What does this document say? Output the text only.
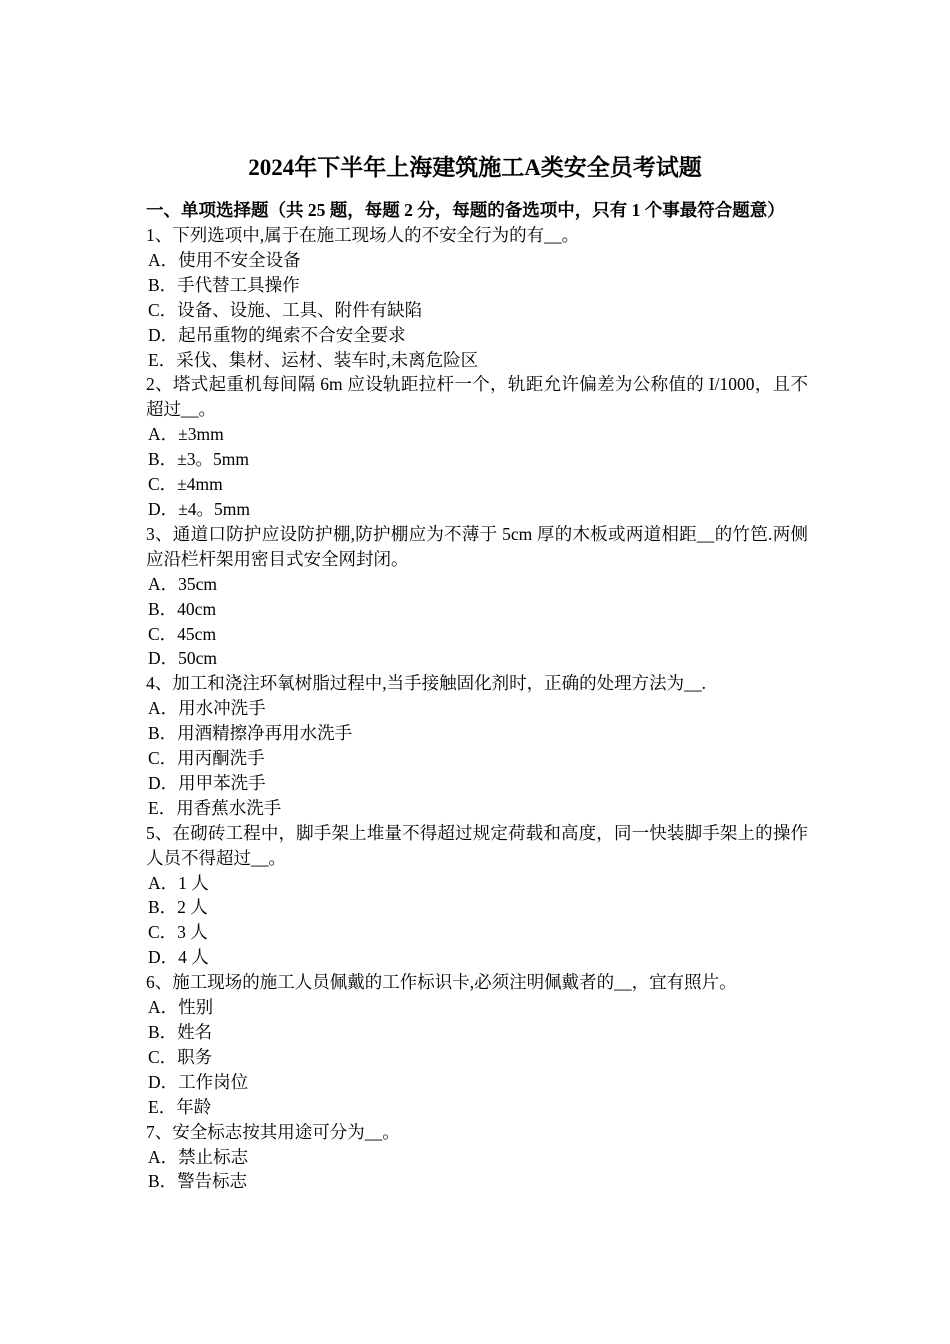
2024年下半年上海建筑施工A类安全员考试题

一、单项选择题（共 25 题，每题 2 分，每题的备选项中，只有 1 个事最符合题意）

1、下列选项中,属于在施工现场人的不安全行为的有__。

A．使用不安全设备

B．手代替工具操作

C．设备、设施、工具、附件有缺陷

D．起吊重物的绳索不合安全要求

E．采伐、集材、运材、装车时,未离危险区

2、塔式起重机每间隔 6m 应设轨距拉杆一个，轨距允许偏差为公称值的 I/1000，且不超过__。

A．±3mm

B．±3。5mm

C．±4mm

D．±4。5mm

3、通道口防护应设防护棚,防护棚应为不薄于 5cm 厚的木板或两道相距__的竹笆.两侧应沿栏杆架用密目式安全网封闭。

A．35cm

B．40cm

C．45cm

D．50cm

4、加工和浇注环氧树脂过程中,当手接触固化剂时，正确的处理方法为__.

A．用水冲洗手

B．用酒精擦净再用水洗手

C．用丙酮洗手

D．用甲苯洗手

E．用香蕉水洗手

5、在砌砖工程中，脚手架上堆量不得超过规定荷载和高度，同一快装脚手架上的操作人员不得超过__。

A．1 人

B．2 人

C．3 人

D．4 人

6、施工现场的施工人员佩戴的工作标识卡,必须注明佩戴者的__，宜有照片。

A．性别

B．姓名

C．职务

D．工作岗位

E．年龄

7、安全标志按其用途可分为__。

A．禁止标志

B．警告标志
